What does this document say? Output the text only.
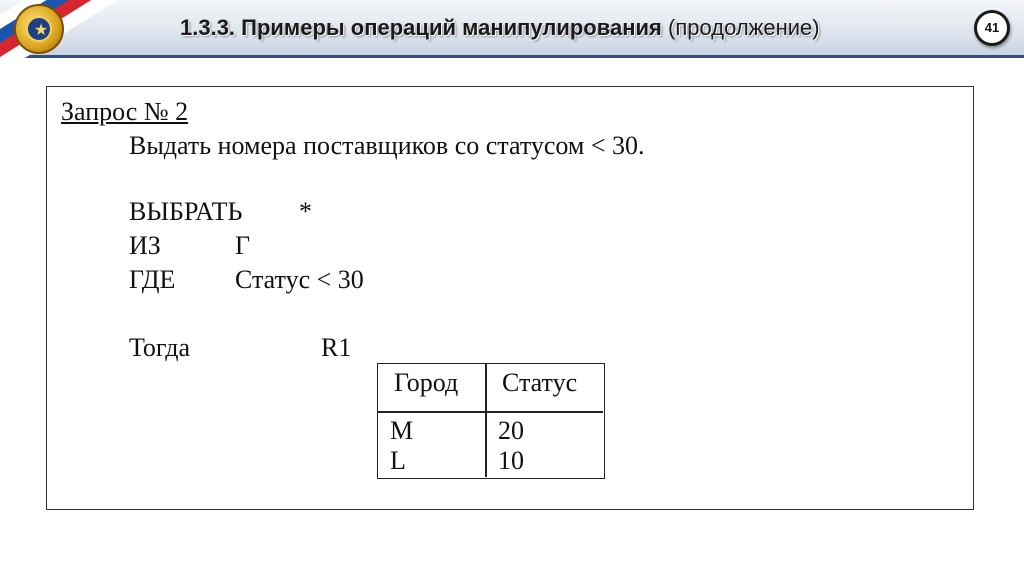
★	1.3.3. Примеры операций манипулирования (продолжение)	41
Запрос № 2
Выдать номера поставщиков со статусом < 30.
ВЫБРАТЬ *
ИЗ	Г
ГДЕ Статус < 30
Тогда	R1
Город Статус
M	20
L	10
